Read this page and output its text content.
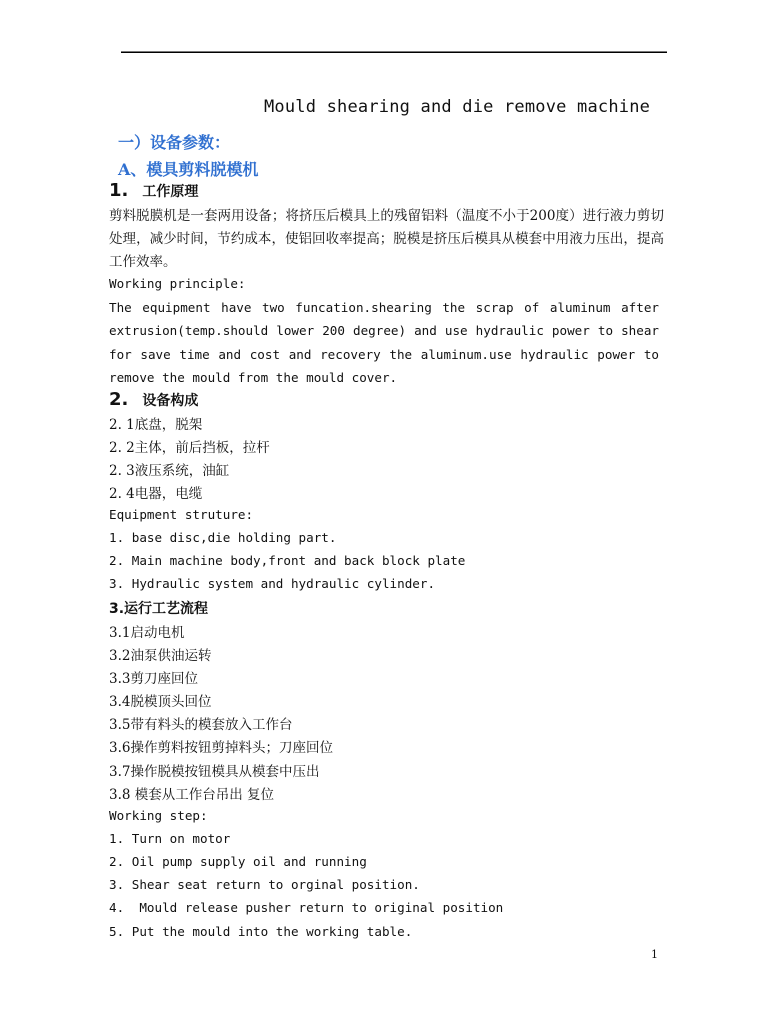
Mould shearing and die remove machine
一）设备参数：
A、模具剪料脱模机
1. 工作原理
剪料脱膜机是一套两用设备；将挤压后模具上的残留铝料（温度不小于200度）进行液力剪切处理，减少时间，节约成本，使铝回收率提高；脱模是挤压后模具从模套中用液力压出，提高工作效率。
Working principle:
The equipment have two funcation.shearing the scrap of aluminum after extrusion(temp.should lower 200 degree) and use hydraulic power to shear for save time and cost and recovery the aluminum.use hydraulic power to remove the mould from the mould cover.
2. 设备构成
2. 1底盘，脱架
2. 2主体，前后挡板，拉杆
2. 3液压系统，油缸
2. 4电器，电缆
Equipment struture:
1. base disc,die holding part.
2. Main machine body,front and back block plate
3. Hydraulic system and hydraulic cylinder.
3.运行工艺流程
3.1启动电机
3.2油泵供油运转
3.3剪刀座回位
3.4脱模顶头回位
3.5带有料头的模套放入工作台
3.6操作剪料按钮剪掉料头；刀座回位
3.7操作脱模按钮模具从模套中压出
3.8 模套从工作台吊出 复位
Working step:
1. Turn on motor
2. Oil pump supply oil and running
3. Shear seat return to orginal position.
4.  Mould release pusher return to original position
5. Put the mould into the working table.
1
